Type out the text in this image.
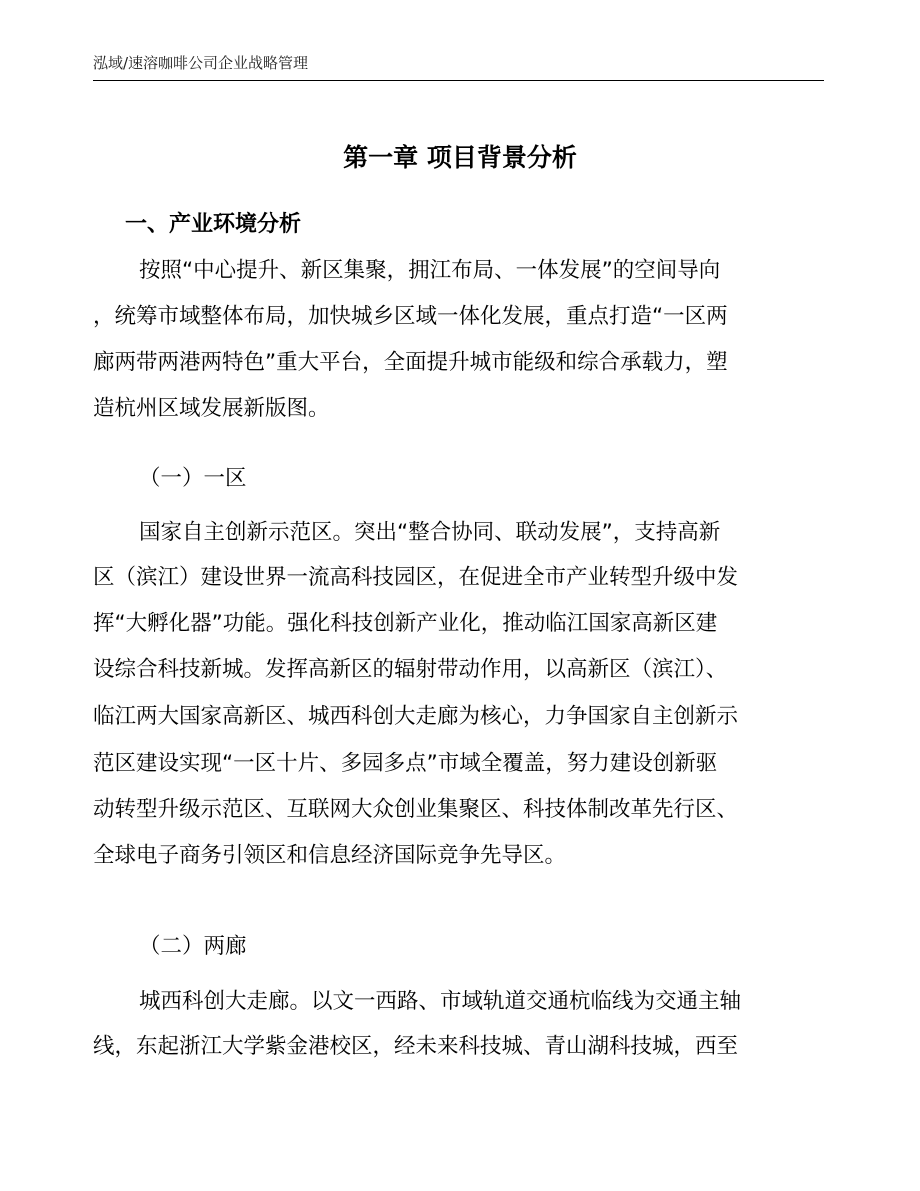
泓域/速溶咖啡公司企业战略管理
第一章 项目背景分析
一、产业环境分析
按照“中心提升、新区集聚，拥江布局、一体发展”的空间导向
，统筹市域整体布局，加快城乡区域一体化发展，重点打造“一区两
廊两带两港两特色”重大平台，全面提升城市能级和综合承载力，塑
造杭州区域发展新版图。
（一）一区
国家自主创新示范区。突出“整合协同、联动发展”，支持高新
区（滨江）建设世界一流高科技园区，在促进全市产业转型升级中发
挥“大孵化器”功能。强化科技创新产业化，推动临江国家高新区建
设综合科技新城。发挥高新区的辐射带动作用，以高新区（滨江）、
临江两大国家高新区、城西科创大走廊为核心，力争国家自主创新示
范区建设实现“一区十片、多园多点”市域全覆盖，努力建设创新驱
动转型升级示范区、互联网大众创业集聚区、科技体制改革先行区、
全球电子商务引领区和信息经济国际竞争先导区。
（二）两廊
城西科创大走廊。以文一西路、市域轨道交通杭临线为交通主轴
线，东起浙江大学紫金港校区，经未来科技城、青山湖科技城，西至
